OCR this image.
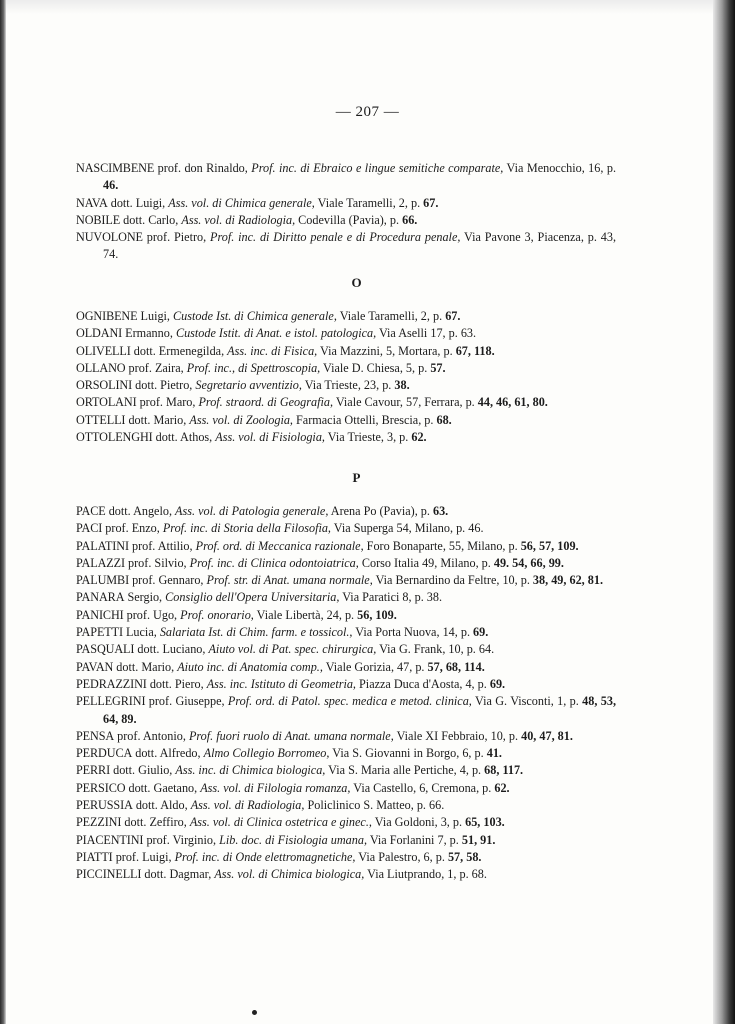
— 207 —

NASCIMBENE prof. don Rinaldo, Prof. inc. di Ebraico e lingue semitiche comparate, Via Menocchio, 16, p. 46.

NAVA dott. Luigi, Ass. vol. di Chimica generale, Viale Taramelli, 2, p. 67.

NOBILE dott. Carlo, Ass. vol. di Radiologia, Codevilla (Pavia), p. 66.

NUVOLONE prof. Pietro, Prof. inc. di Diritto penale e di Procedura penale, Via Pavone 3, Piacenza, p. 43, 74.

O

OGNIBENE Luigi, Custode Ist. di Chimica generale, Viale Taramelli, 2, p. 67.

OLDANI Ermanno, Custode Istit. di Anat. e istol. patologica, Via Aselli 17, p. 63.

OLIVELLI dott. Ermenegilda, Ass. inc. di Fisica, Via Mazzini, 5, Mortara, p. 67, 118.

OLLANO prof. Zaira, Prof. inc., di Spettroscopia, Viale D. Chiesa, 5, p. 57.

ORSOLINI dott. Pietro, Segretario avventizio, Via Trieste, 23, p. 38.

ORTOLANI prof. Maro, Prof. straord. di Geografia, Viale Cavour, 57, Ferrara, p. 44, 46, 61, 80.

OTTELLI dott. Mario, Ass. vol. di Zoologia, Farmacia Ottelli, Brescia, p. 68.

OTTOLENGHI dott. Athos, Ass. vol. di Fisiologia, Via Trieste, 3, p. 62.

P

PACE dott. Angelo, Ass. vol. di Patologia generale, Arena Po (Pavia), p. 63.

PACI prof. Enzo, Prof. inc. di Storia della Filosofia, Via Superga 54, Milano, p. 46.

PALATINI prof. Attilio, Prof. ord. di Meccanica razionale, Foro Bonaparte, 55, Milano, p. 56, 57, 109.

PALAZZI prof. Silvio, Prof. inc. di Clinica odontoiatrica, Corso Italia 49, Milano, p. 49. 54, 66, 99.

PALUMBI prof. Gennaro, Prof. str. di Anat. umana normale, Via Bernardino da Feltre, 10, p. 38, 49, 62, 81.

PANARA Sergio, Consiglio dell'Opera Universitaria, Via Paratici 8, p. 38.

PANICHI prof. Ugo, Prof. onorario, Viale Libertà, 24, p. 56, 109.

PAPETTI Lucia, Salariata Ist. di Chim. farm. e tossicol., Via Porta Nuova, 14, p. 69.

PASQUALI dott. Luciano, Aiuto vol. di Pat. spec. chirurgica, Via G. Frank, 10, p. 64.

PAVAN dott. Mario, Aiuto inc. di Anatomia comp., Viale Gorizia, 47, p. 57, 68, 114.

PEDRAZZINI dott. Piero, Ass. inc. Istituto di Geometria, Piazza Duca d'Aosta, 4, p. 69.

PELLEGRINI prof. Giuseppe, Prof. ord. di Patol. spec. medica e metod. clinica, Via G. Visconti, 1, p. 48, 53, 64, 89.

PENSA prof. Antonio, Prof. fuori ruolo di Anat. umana normale, Viale XI Febbraio, 10, p. 40, 47, 81.

PERDUCA dott. Alfredo, Almo Collegio Borromeo, Via S. Giovanni in Borgo, 6, p. 41.

PERRI dott. Giulio, Ass. inc. di Chimica biologica, Via S. Maria alle Pertiche, 4, p. 68, 117.

PERSICO dott. Gaetano, Ass. vol. di Filologia romanza, Via Castello, 6, Cremona, p. 62.

PERUSSIA dott. Aldo, Ass. vol. di Radiologia, Policlinico S. Matteo, p. 66.

PEZZINI dott. Zeffiro, Ass. vol. di Clinica ostetrica e ginec., Via Goldoni, 3, p. 65, 103.

PIACENTINI prof. Virginio, Lib. doc. di Fisiologia umana, Via Forlanini 7, p. 51, 91.

PIATTI prof. Luigi, Prof. inc. di Onde elettromagnetiche, Via Palestro, 6, p. 57, 58.

PICCINELLI dott. Dagmar, Ass. vol. di Chimica biologica, Via Liutprando, 1, p. 68.
